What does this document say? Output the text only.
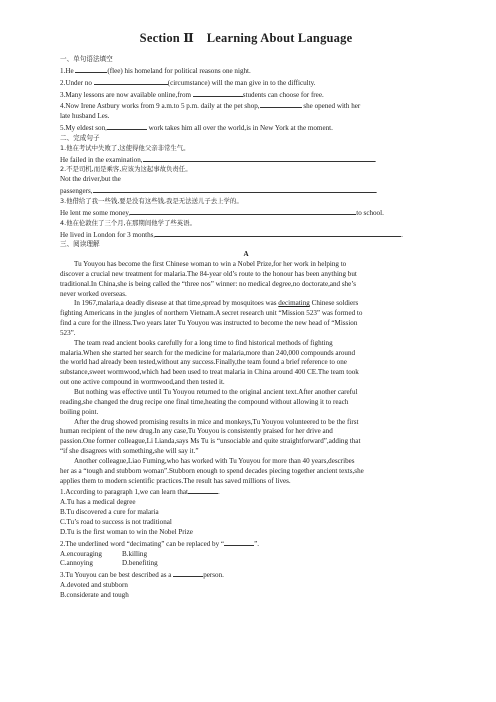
Section Ⅱ　Learning About Language
一、单句语法填空
1.He	(flee) his homeland for political reasons one night.
2.Under no	(circumstance) will the man give in to the difficulty.
3.Many lessons are now available online,from	students can choose for free.
4.Now Irene Astbury works from 9 a.m.to 5 p.m. daily at the pet shop,	she opened with her
late husband Les.
5.My eldest son,	work takes him all over the world,is in New York at the moment.
二、完成句子
1.他在考试中失败了,这使得他父亲非常生气。
He failed in the examination,	.
2.不是司机,而是乘客,应该为这起事故负责任。
Not the driver,but the
passengers,	.
3.他借给了我一些钱,要是没有这些钱,我是无法送儿子去上学的。
He lent me some money,	to school.
4.他在伦敦住了三个月,在那期间他学了些英语。
He lived in London for 3 months,	.
三、阅读理解
A
Tu Youyou has become the first Chinese woman to win a Nobel Prize,for her work in helping to
discover a crucial new treatment for malaria.The 84-year old’s route to the honour has been anything but
traditional.In China,she is being called the “three nos” winner: no medical degree,no doctorate,and she’s
never worked overseas.
In 1967,malaria,a deadly disease at that time,spread by mosquitoes was decimating Chinese soldiers
fighting Americans in the jungles of northern Vietnam.A secret research unit “Mission 523” was formed to
find a cure for the illness.Two years later Tu Youyou was instructed to become the new head of “Mission
523”.
The team read ancient books carefully for a long time to find historical methods of fighting
malaria.When she started her search for the medicine for malaria,more than 240,000 compounds around
the world had already been tested,without any success.Finally,the team found a brief reference to one
substance,sweet wormwood,which had been used to treat malaria in China around 400 CE.The team took
out one active compound in wormwood,and then tested it.
But nothing was effective until Tu Youyou returned to the original ancient text.After another careful
reading,she changed the drug recipe one final time,heating the compound without allowing it to reach
boiling point.
After the drug showed promising results in mice and monkeys,Tu Youyou volunteered to be the first
human recipient of the new drug.In any case,Tu Youyou is consistently praised for her drive and
passion.One former colleague,Li Lianda,says Ms Tu is “unsociable and quite straightforward”,adding that
“if she disagrees with something,she will say it.”
Another colleague,Liao Fuming,who has worked with Tu Youyou for more than 40 years,describes
her as a “tough and stubborn woman”.Stubborn enough to spend decades piecing together ancient texts,she
applies them to modern scientific practices.The result has saved millions of lives.
1.According to paragraph 1,we can learn that	.
A.Tu has a medical degree
B.Tu discovered a cure for malaria
C.Tu’s road to success is not traditional
D.Tu is the first woman to win the Nobel Prize
2.The underlined word “decimating” can be replaced by “	”.
A.encouraging	B.killing
C.annoying	D.benefiting
3.Tu Youyou can be best described as a	person.
A.devoted and stubborn
B.considerate and tough
